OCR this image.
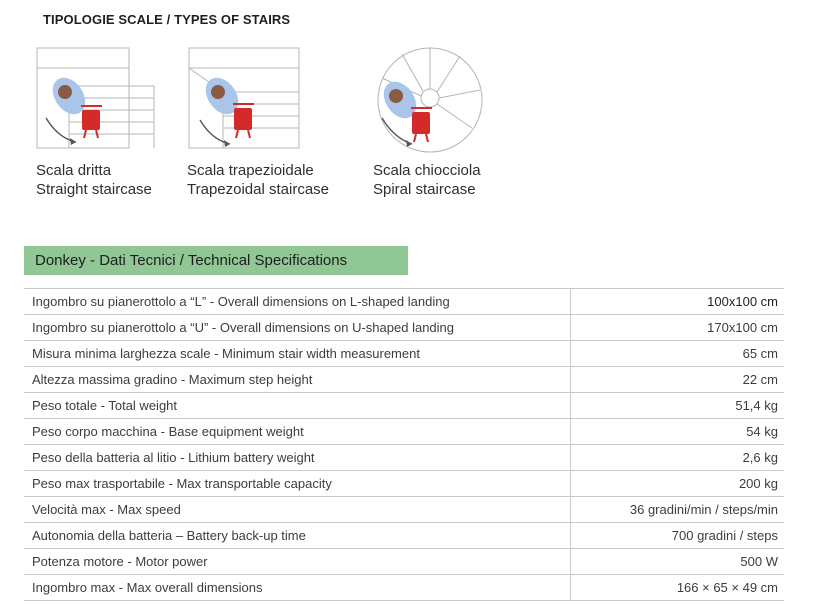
TIPOLOGIE SCALE / TYPES OF STAIRS
Scala dritta
Straight staircase
Scala trapezioidale
Trapezoidal staircase
Scala chiocciola
Spiral staircase
Donkey - Dati Tecnici / Technical Specifications
Ingombro su pianerottolo a “L” - Overall dimensions on L-shaped landing	100x100 cm
Ingombro su pianerottolo a “U” - Overall dimensions on U-shaped landing	170x100 cm
Misura minima larghezza scale - Minimum stair width measurement	65 cm
Altezza massima gradino - Maximum step height	22 cm
Peso totale - Total weight	51,4 kg
Peso corpo macchina - Base equipment weight	54 kg
Peso della batteria al litio - Lithium battery weight	2,6 kg
Peso max trasportabile - Max transportable capacity	200 kg
Velocità max - Max speed	36 gradini/min / steps/min
Autonomia della batteria – Battery back-up time	700 gradini / steps
Potenza motore - Motor power	500 W
Ingombro max - Max overall dimensions	166 × 65 × 49 cm
